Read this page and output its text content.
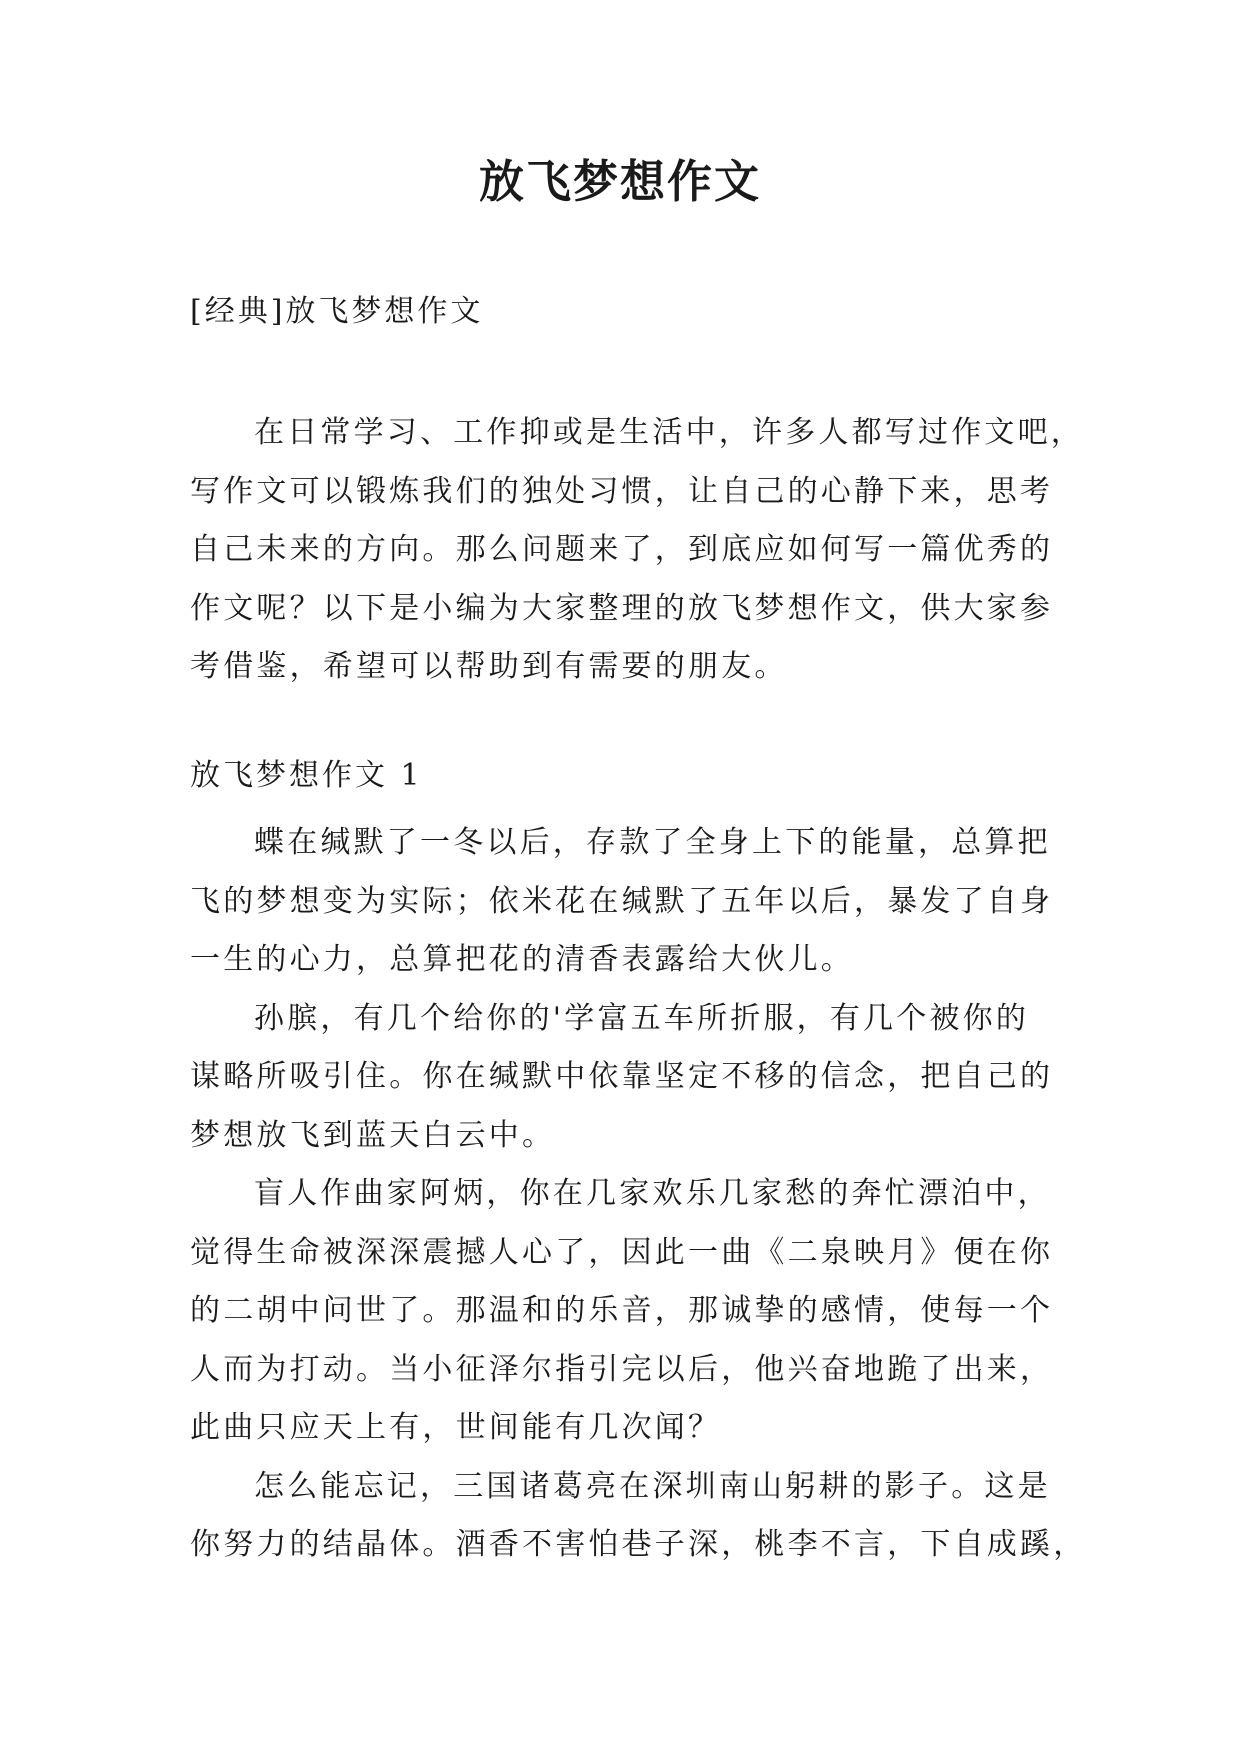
放飞梦想作文

[经典]放飞梦想作文

在日常学习、工作抑或是生活中，许多人都写过作文吧，

写作文可以锻炼我们的独处习惯，让自己的心静下来，思考

自己未来的方向。那么问题来了，到底应如何写一篇优秀的

作文呢？以下是小编为大家整理的放飞梦想作文，供大家参

考借鉴，希望可以帮助到有需要的朋友。

放飞梦想作文 1

蝶在缄默了一冬以后，存款了全身上下的能量，总算把

飞的梦想变为实际；依米花在缄默了五年以后，暴发了自身

一生的心力，总算把花的清香表露给大伙儿。

孙膑，有几个给你的'学富五车所折服，有几个被你的

谋略所吸引住。你在缄默中依靠坚定不移的信念，把自己的

梦想放飞到蓝天白云中。

盲人作曲家阿炳，你在几家欢乐几家愁的奔忙漂泊中，

觉得生命被深深震撼人心了，因此一曲《二泉映月》便在你

的二胡中问世了。那温和的乐音，那诚挚的感情，使每一个

人而为打动。当小征泽尔指引完以后，他兴奋地跪了出来，

此曲只应天上有，世间能有几次闻？

怎么能忘记，三国诸葛亮在深圳南山躬耕的影子。这是

你努力的结晶体。酒香不害怕巷子深，桃李不言，下自成蹊，
